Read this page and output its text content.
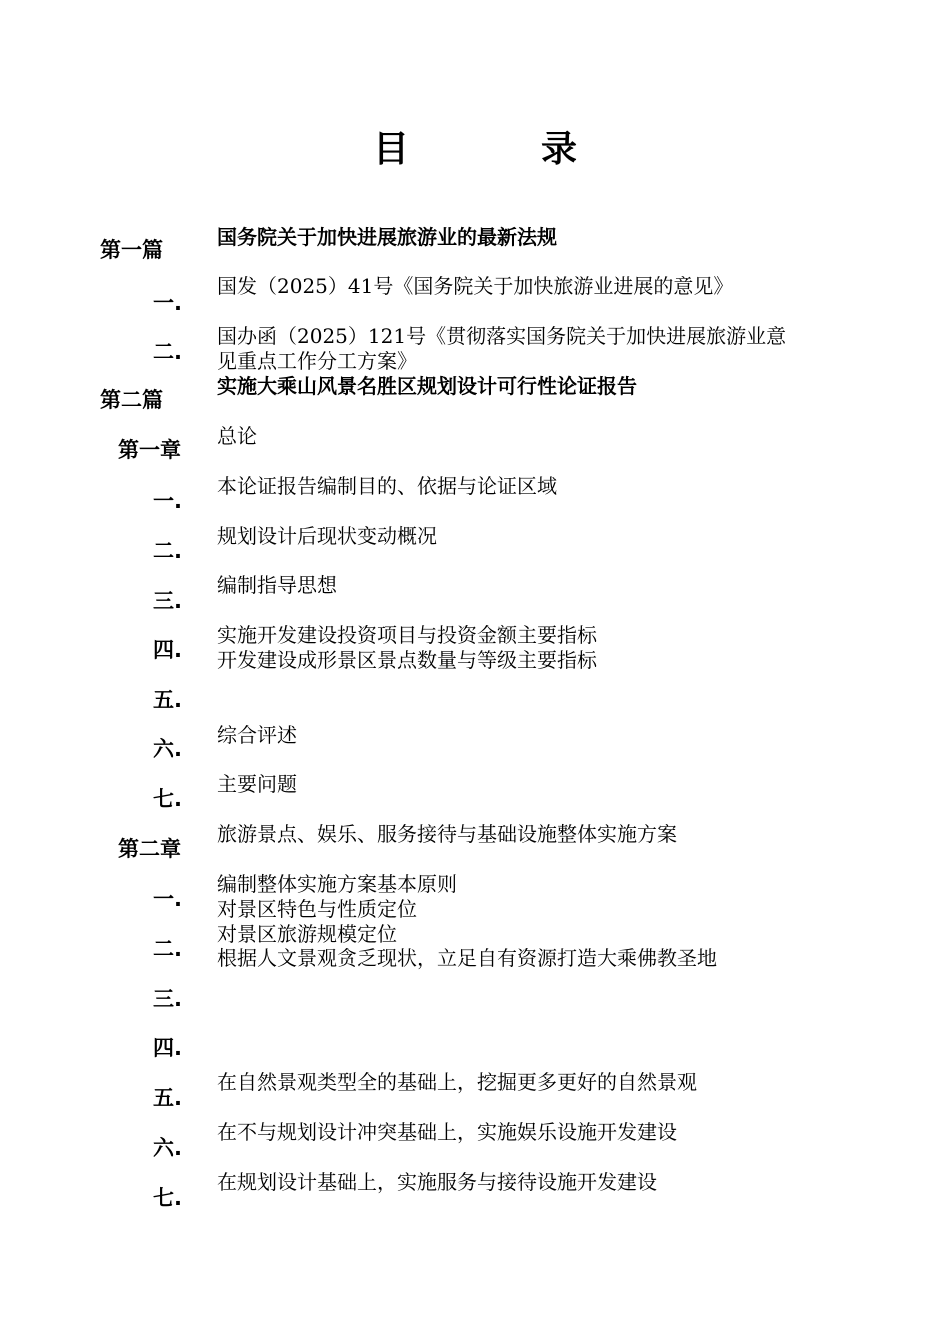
目　录
第一篇
一.
二.
第二篇
第一章
一.
二.
三.
四.
五.
六.
七.
第二章
一.
二.
三.
四.
五.
六.
七.
国务院关于加快进展旅游业的最新法规
国发（2025）41号《国务院关于加快旅游业进展的意见》
国办函（2025）121号《贯彻落实国务院关于加快进展旅游业意
见重点工作分工方案》
实施大乘山风景名胜区规划设计可行性论证报告
总论
本论证报告编制目的、依据与论证区域
规划设计后现状变动概况
编制指导思想
实施开发建设投资项目与投资金额主要指标
开发建设成形景区景点数量与等级主要指标
综合评述
主要问题
旅游景点、娱乐、服务接待与基础设施整体实施方案
编制整体实施方案基本原则
对景区特色与性质定位
对景区旅游规模定位
根据人文景观贪乏现状，立足自有资源打造大乘佛教圣地
在自然景观类型全的基础上，挖掘更多更好的自然景观
在不与规划设计冲突基础上，实施娱乐设施开发建设
在规划设计基础上，实施服务与接待设施开发建设
